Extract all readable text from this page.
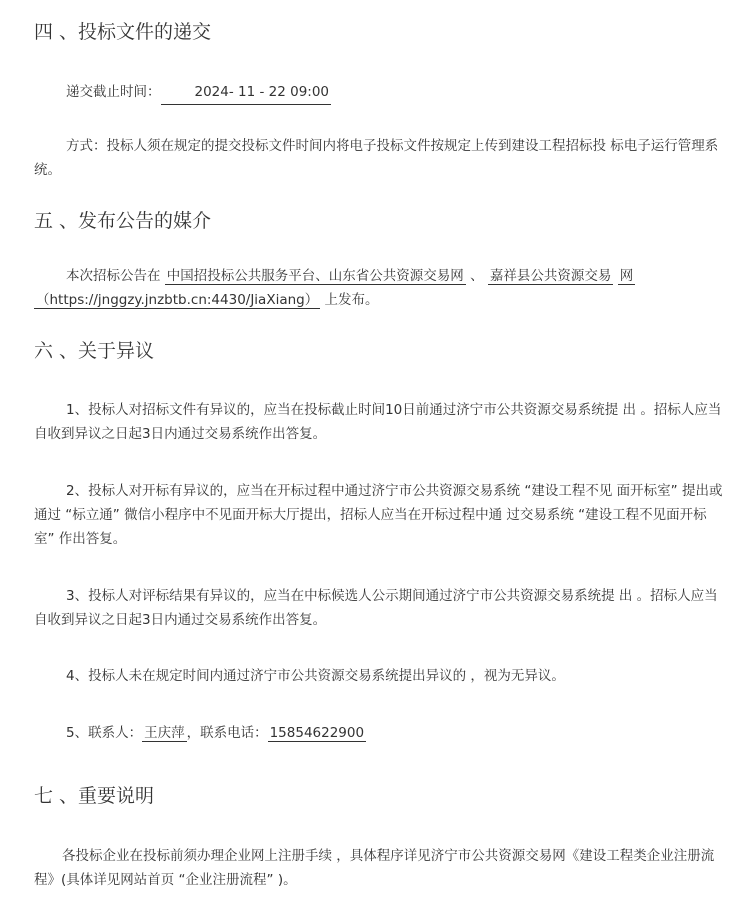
四 、投标文件的递交
递交截止时间：	2024- 11 - 22 09:00
方式：投标人须在规定的提交投标文件时间内将电子投标文件按规定上传到建设工程招标投 标电子运行管理系统。
五 、发布公告的媒介
本次招标公告在 中国招投标公共服务平台、山东省公共资源交易网 、 嘉祥县公共资源交易 网（https://jnggzy.jnzbtb.cn:4430/JiaXiang） 上发布。
六 、关于异议
1、投标人对招标文件有异议的，应当在投标截止时间10日前通过济宁市公共资源交易系统提 出 。招标人应当自收到异议之日起3日内通过交易系统作出答复。
2、投标人对开标有异议的，应当在开标过程中通过济宁市公共资源交易系统 “建设工程不见 面开标室” 提出或通过 “标立通” 微信小程序中不见面开标大厅提出，招标人应当在开标过程中通 过交易系统 “建设工程不见面开标室” 作出答复。
3、投标人对评标结果有异议的，应当在中标候选人公示期间通过济宁市公共资源交易系统提 出 。招标人应当自收到异议之日起3日内通过交易系统作出答复。
4、投标人未在规定时间内通过济宁市公共资源交易系统提出异议的 ，视为无异议。
5、联系人： 王庆萍 ，联系电话： 15854622900
七 、重要说明
各投标企业在投标前须办理企业网上注册手续 ，具体程序详见济宁市公共资源交易网《建设工程类企业注册流程》(具体详见网站首页 “企业注册流程” )。
